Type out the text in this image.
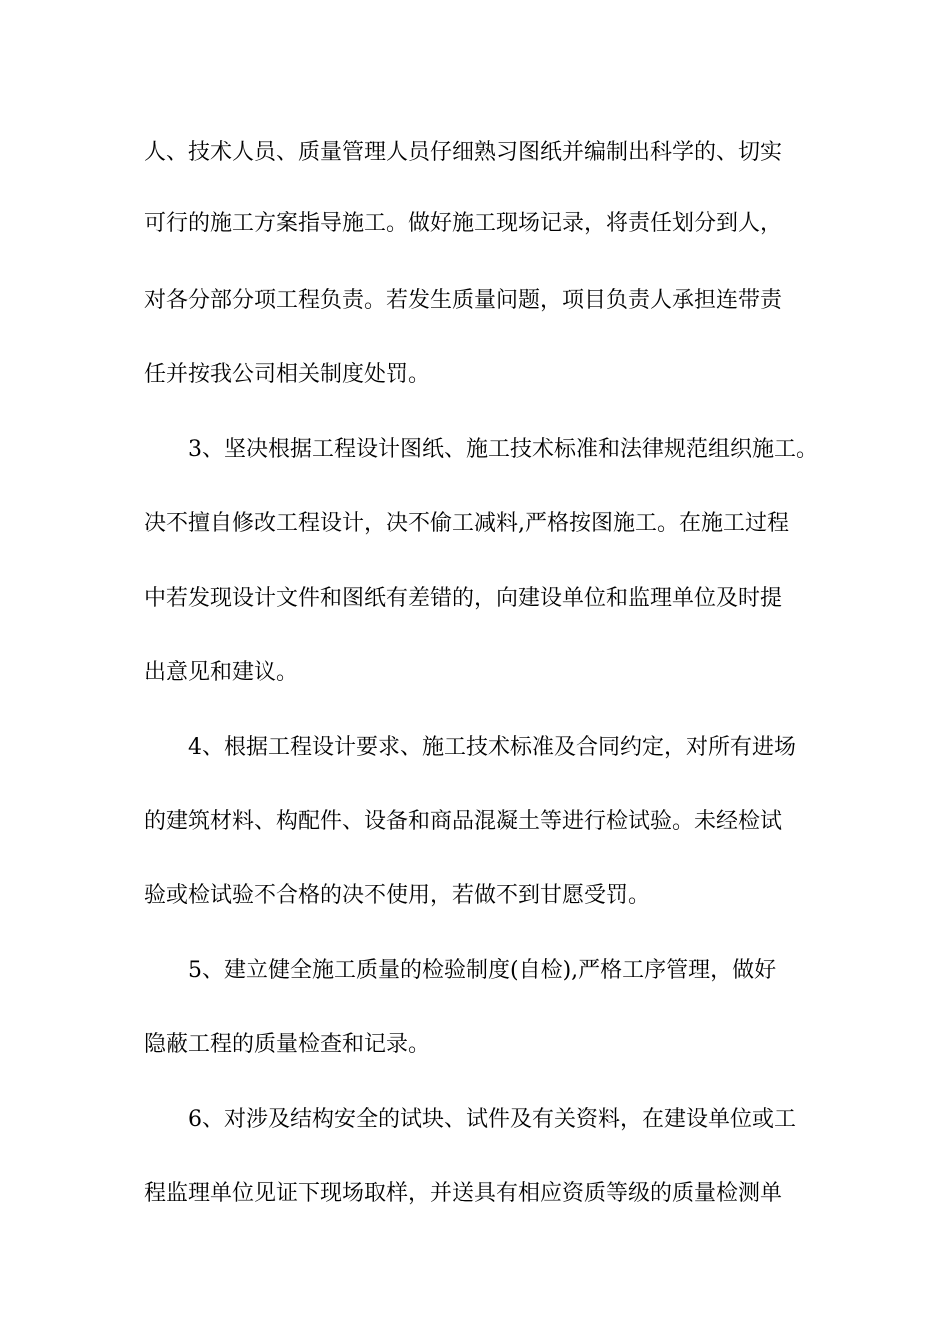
人、技术人员、质量管理人员仔细熟习图纸并编制出科学的、切实
可行的施工方案指导施工。做好施工现场记录，将责任划分到人，
对各分部分项工程负责。若发生质量问题，项目负责人承担连带责
任并按我公司相关制度处罚。
3、坚决根据工程设计图纸、施工技术标准和法律规范组织施工。
决不擅自修改工程设计，决不偷工减料,严格按图施工。在施工过程
中若发现设计文件和图纸有差错的，向建设单位和监理单位及时提
出意见和建议。
4、根据工程设计要求、施工技术标准及合同约定，对所有进场
的建筑材料、构配件、设备和商品混凝土等进行检试验。未经检试
验或检试验不合格的决不使用，若做不到甘愿受罚。
5、建立健全施工质量的检验制度(自检),严格工序管理，做好
隐蔽工程的质量检查和记录。
6、对涉及结构安全的试块、试件及有关资料，在建设单位或工
程监理单位见证下现场取样，并送具有相应资质等级的质量检测单
